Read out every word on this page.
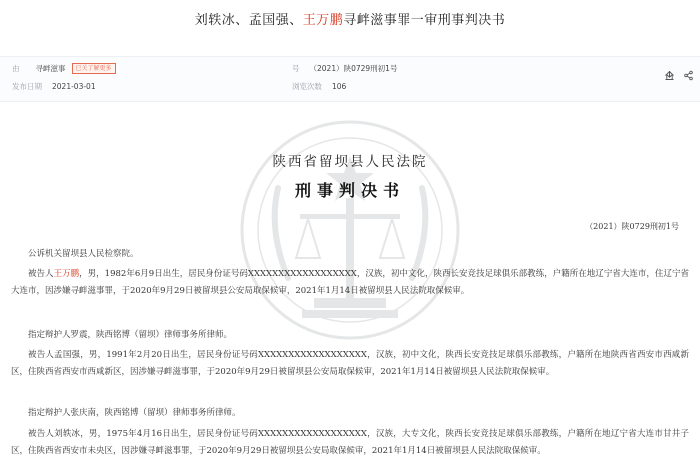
刘轶冰、孟国强、王万鹏寻衅滋事罪一审刑事判决书
由 寻衅滋事 已关了解更多	号 （2021）陕0729刑初1号
发布日期 2021-03-01	浏览次数 106
陕西省留坝县人民法院
刑事判决书
（2021）陕0729刑初1号
公诉机关留坝县人民检察院。
被告人王万鹏，男，1982年6月9日出生，居民身份证号码XXXXXXXXXXXXXXXXXX，汉族，初中文化，陕西长安竞技足球俱乐部教练，户籍所在地辽宁省大连市，住辽宁省大连市，因涉嫌寻衅滋事罪，于2020年9月29日被留坝县公安局取保候审，2021年1月14日被留坝县人民法院取保候审。
指定辩护人罗震，陕西铭博（留坝）律师事务所律师。
被告人孟国强，男，1991年2月20日出生，居民身份证号码XXXXXXXXXXXXXXXXXX，汉族，初中文化，陕西长安竞技足球俱乐部教练，户籍所在地陕西省西安市西咸新区，住陕西省西安市西咸新区，因涉嫌寻衅滋事罪，于2020年9月29日被留坝县公安局取保候审，2021年1月14日被留坝县人民法院取保候审。
指定辩护人张庆南，陕西铭博（留坝）律师事务所律师。
被告人刘轶冰，男，1975年4月16日出生，居民身份证号码XXXXXXXXXXXXXXXXXX，汉族，大专文化，陕西长安竞技足球俱乐部教练，户籍所在地辽宁省大连市甘井子区，住陕西省西安市未央区，因涉嫌寻衅滋事罪，于2020年9月29日被留坝县公安局取保候审，2021年1月14日被留坝县人民法院取保候审。
